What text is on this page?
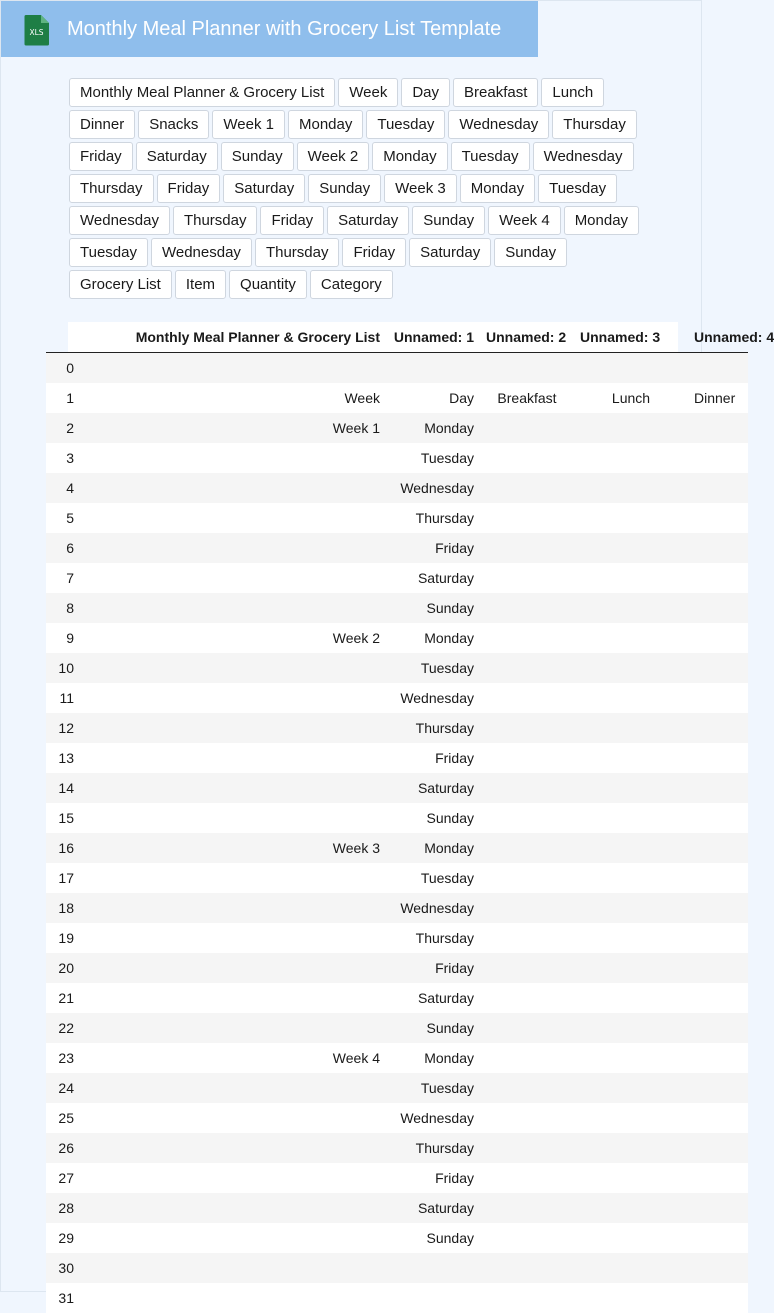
XLS Monthly Meal Planner with Grocery List Template
Monthly Meal Planner & Grocery List	Week	Day	Breakfast	Lunch
Dinner	Snacks	Week 1	Monday	Tuesday	Wednesday	Thursday
Friday	Saturday	Sunday	Week 2	Monday	Tuesday	Wednesday
Thursday	Friday	Saturday	Sunday	Week 3	Monday	Tuesday
Wednesday	Thursday	Friday	Saturday	Sunday	Week 4	Monday
Tuesday	Wednesday	Thursday	Friday	Saturday	Sunday
Grocery List	Item	Quantity	Category
	Monthly Meal Planner & Grocery List	Unnamed: 1	Unnamed: 2	Unnamed: 3	Unnamed: 4
0					
1	Week	Day	Breakfast	Lunch	Dinner
2	Week 1	Monday			
3		Tuesday			
4		Wednesday			
5		Thursday			
6		Friday			
7		Saturday			
8		Sunday			
9	Week 2	Monday			
10		Tuesday			
11		Wednesday			
12		Thursday			
13		Friday			
14		Saturday			
15		Sunday			
16	Week 3	Monday			
17		Tuesday			
18		Wednesday			
19		Thursday			
20		Friday			
21		Saturday			
22		Sunday			
23	Week 4	Monday			
24		Tuesday			
25		Wednesday			
26		Thursday			
27		Friday			
28		Saturday			
29		Sunday			
30					
31					
